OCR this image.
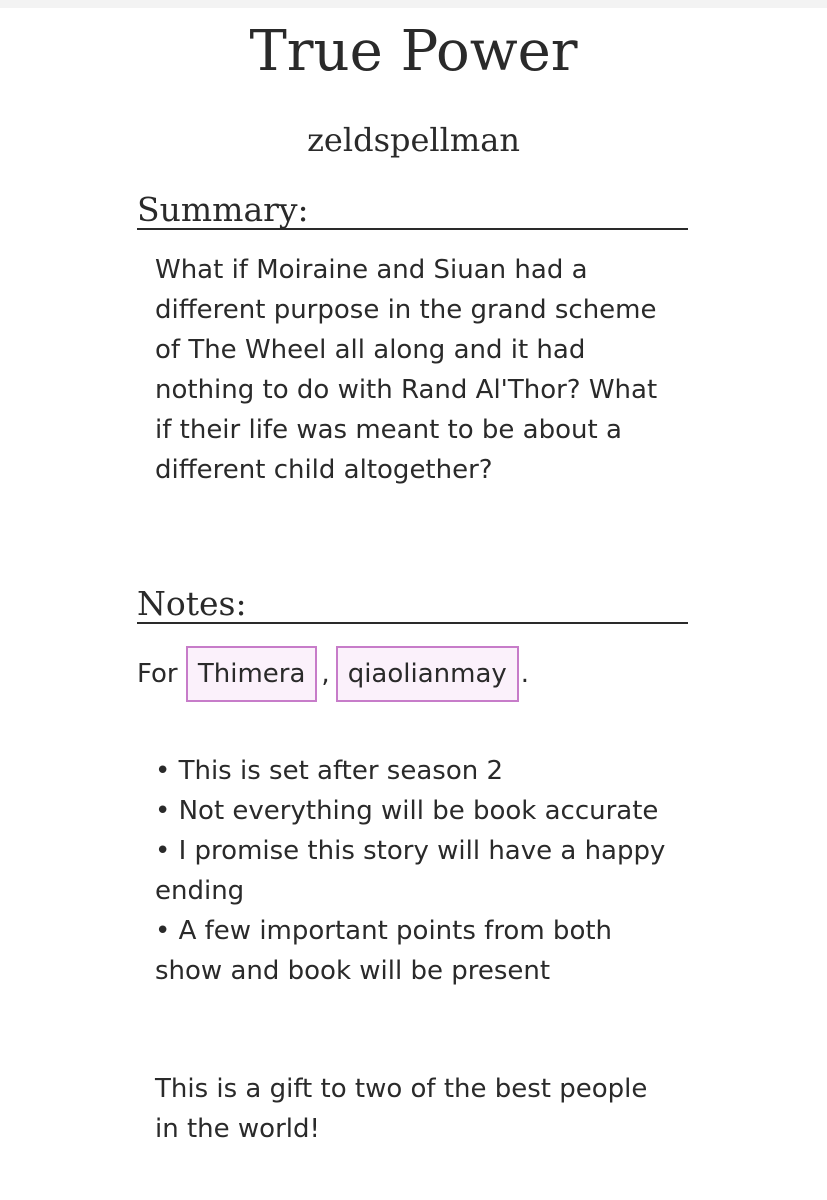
True Power
zeldspellman
Summary:

What if Moiraine and Siuan had a different purpose in the grand scheme of The Wheel all along and it had nothing to do with Rand Al'Thor? What if their life was meant to be about a different child altogether?

Notes:
For Thimera , qiaolianmay .
• This is set after season 2
• Not everything will be book accurate
• I promise this story will have a happy ending
• A few important points from both show and book will be present

This is a gift to two of the best people in the world!
